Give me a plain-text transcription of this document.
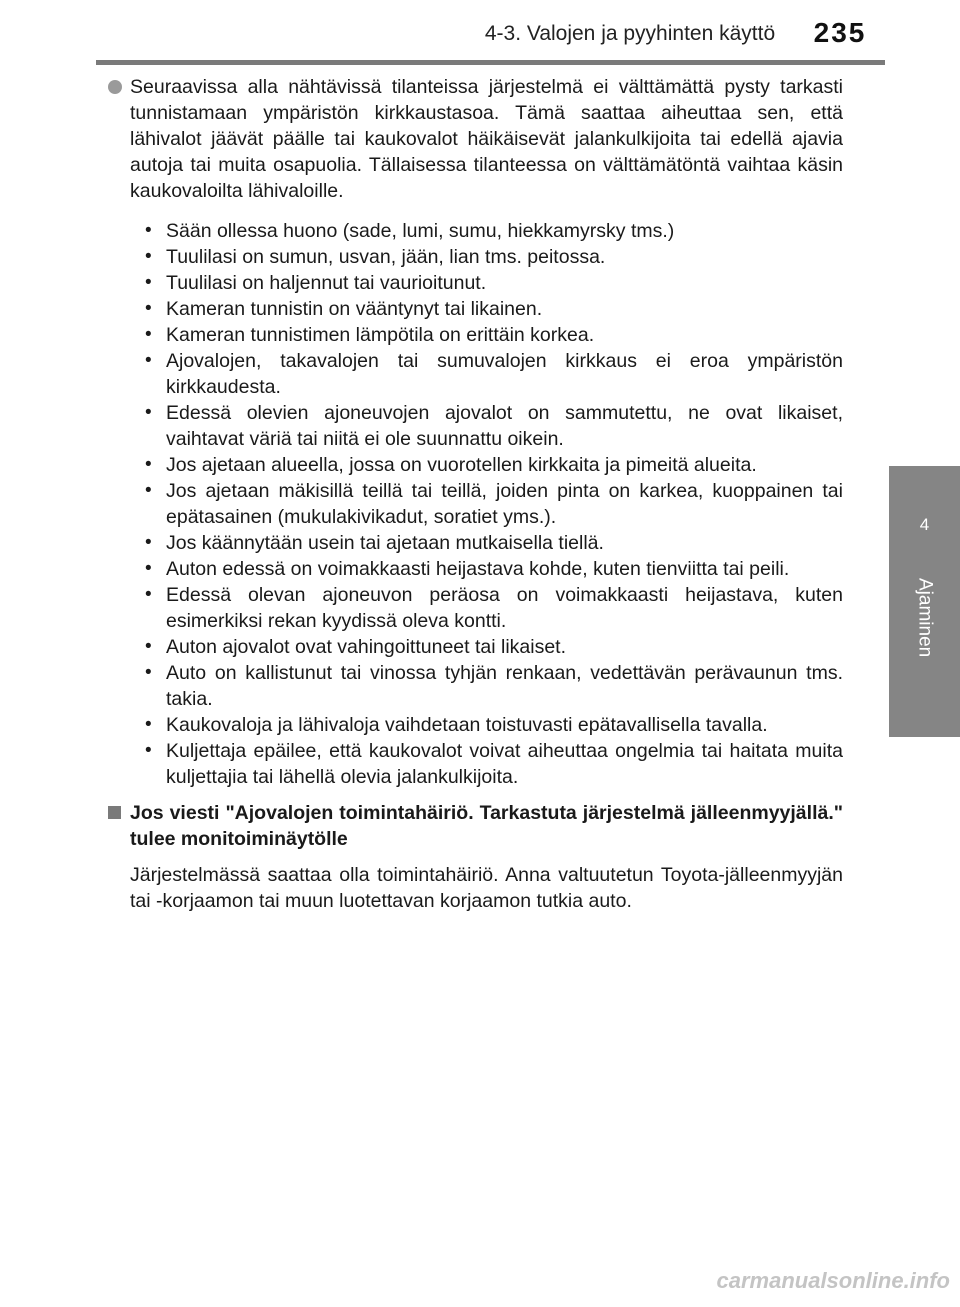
4-3. Valojen ja pyyhinten käyttö	235
4
Ajaminen
Seuraavissa alla nähtävissä tilanteissa järjestelmä ei välttämättä pysty tarkasti tunnistamaan ympäristön kirkkaustasoa. Tämä saattaa aiheuttaa sen, että lähivalot jäävät päälle tai kaukovalot häikäisevät jalankulkijoita tai edellä ajavia autoja tai muita osapuolia. Tällaisessa tilanteessa on välttämätöntä vaihtaa käsin kaukovaloilta lähivaloille.
• Sään ollessa huono (sade, lumi, sumu, hiekkamyrsky tms.)
• Tuulilasi on sumun, usvan, jään, lian tms. peitossa.
• Tuulilasi on haljennut tai vaurioitunut.
• Kameran tunnistin on vääntynyt tai likainen.
• Kameran tunnistimen lämpötila on erittäin korkea.
• Ajovalojen, takavalojen tai sumuvalojen kirkkaus ei eroa ympäristön kirkkaudesta.
• Edessä olevien ajoneuvojen ajovalot on sammutettu, ne ovat likaiset, vaihtavat väriä tai niitä ei ole suunnattu oikein.
• Jos ajetaan alueella, jossa on vuorotellen kirkkaita ja pimeitä alueita.
• Jos ajetaan mäkisillä teillä tai teillä, joiden pinta on karkea, kuoppainen tai epätasainen (mukulakivikadut, soratiet yms.).
• Jos käännytään usein tai ajetaan mutkaisella tiellä.
• Auton edessä on voimakkaasti heijastava kohde, kuten tienviitta tai peili.
• Edessä olevan ajoneuvon peräosa on voimakkaasti heijastava, kuten esimerkiksi rekan kyydissä oleva kontti.
• Auton ajovalot ovat vahingoittuneet tai likaiset.
• Auto on kallistunut tai vinossa tyhjän renkaan, vedettävän perävaunun tms. takia.
• Kaukovaloja ja lähivaloja vaihdetaan toistuvasti epätavallisella tavalla.
• Kuljettaja epäilee, että kaukovalot voivat aiheuttaa ongelmia tai haitata muita kuljettajia tai lähellä olevia jalankulkijoita.
Jos viesti "Ajovalojen toimintahäiriö. Tarkastuta järjestelmä jälleenmyyjällä." tulee monitoiminäytölle
Järjestelmässä saattaa olla toimintahäiriö. Anna valtuutetun Toyota-jälleenmyyjän tai -korjaamon tai muun luotettavan korjaamon tutkia auto.
carmanualsonline.info
